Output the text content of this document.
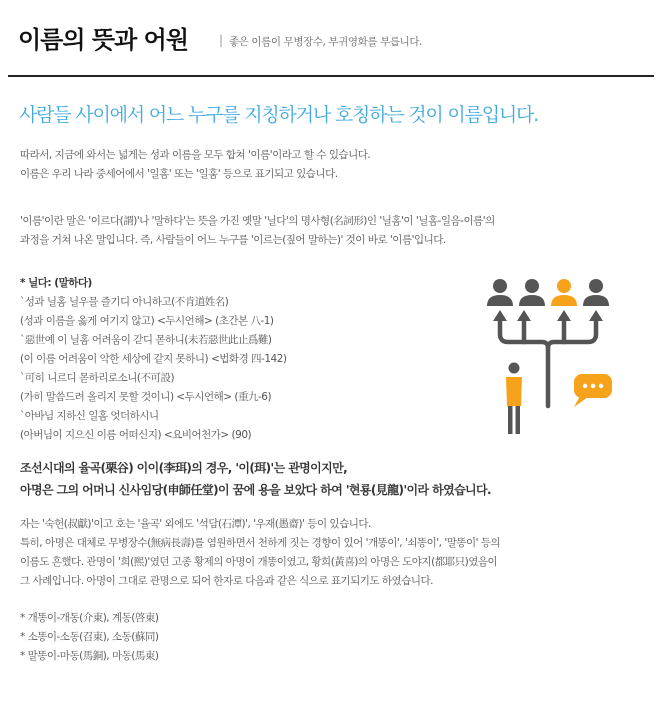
이름의 뜻과 어원	| 좋은 이름이 무병장수, 부귀영화를 부릅니다.
사람들 사이에서 어느 누구를 지칭하거나 호칭하는 것이 이름입니다.

따라서, 지금에 와서는 넓게는 성과 이름을 모두 합쳐 '이름'이라고 할 수 있습니다.

이름은 우리 나라 중세어에서 '일홈' 또는 '일훔' 등으로 표기되고 있습니다.

'이름'이란 말은 '이르다(謂)'나 '말하다'는 뜻을 가진 옛말 '닐다'의 명사형(名詞形)인 '닐홈'이 '닐홈-일음-이름'의

과정을 거쳐 나온 말입니다. 즉, 사람들이 어느 누구를 '이르는(짚어 말하는)' 것이 바로 '이름'입니다.

* 닐다: (말하다)

`성과 닐홈 닐우믈 즐기디 아니하고(不肯道姓名)
(성과 이름을 옳게 여기지 않고) <두시언해> (초간본 八-1)
`惡世예 이 닐홈 어려움이 갇디 몯하니(未若惡世此止爲難)
(이 이름 어려움이 악한 세상에 같지 못하니) <법화경 四-142)
`可히 니르디 몯하리로소니(不可設)
(가히 말씀드려 올리지 못할 것이니) <두시언해> (重九-6)
`아바님 지하신 일홈 엇더하시니
(아버님이 지으신 이름 어떠신지) <요비어천가> (90)
조선시대의 율곡(栗谷) 이이(李珥)의 경우, '이(珥)'는 관명이지만,
아명은 그의 어머니 신사임당(申師任堂)이 꿈에 용을 보았다 하여 '현룡(見龍)'이라 하였습니다.

자는 '숙헌(叔獻)'이고 호는 '율곡' 외에도 '석담(石潭)', '우재(愚齋)' 등이 있습니다.

특히, 아명은 대체로 무병장수(無病長壽)를 염원하면서 천하게 짓는 경향이 있어 '개똥이', '쇠똥이', '말똥이' 등의

이름도 흔했다. 관명이 '희(熙)'였던 고종 황제의 아명이 개똥이였고, 황희(黃喜)의 아명은 도야지(都耶只)였음이

그 사례입니다. 아명이 그대로 관명으로 되어 한자로 다음과 같은 식으로 표기되기도 하였습니다.

* 개똥이-개동(介東), 계동(啓東)
* 소똥이-소동(召東), 소동(蘇同)
* 말똥이-마동(馬銅), 마동(馬東)
